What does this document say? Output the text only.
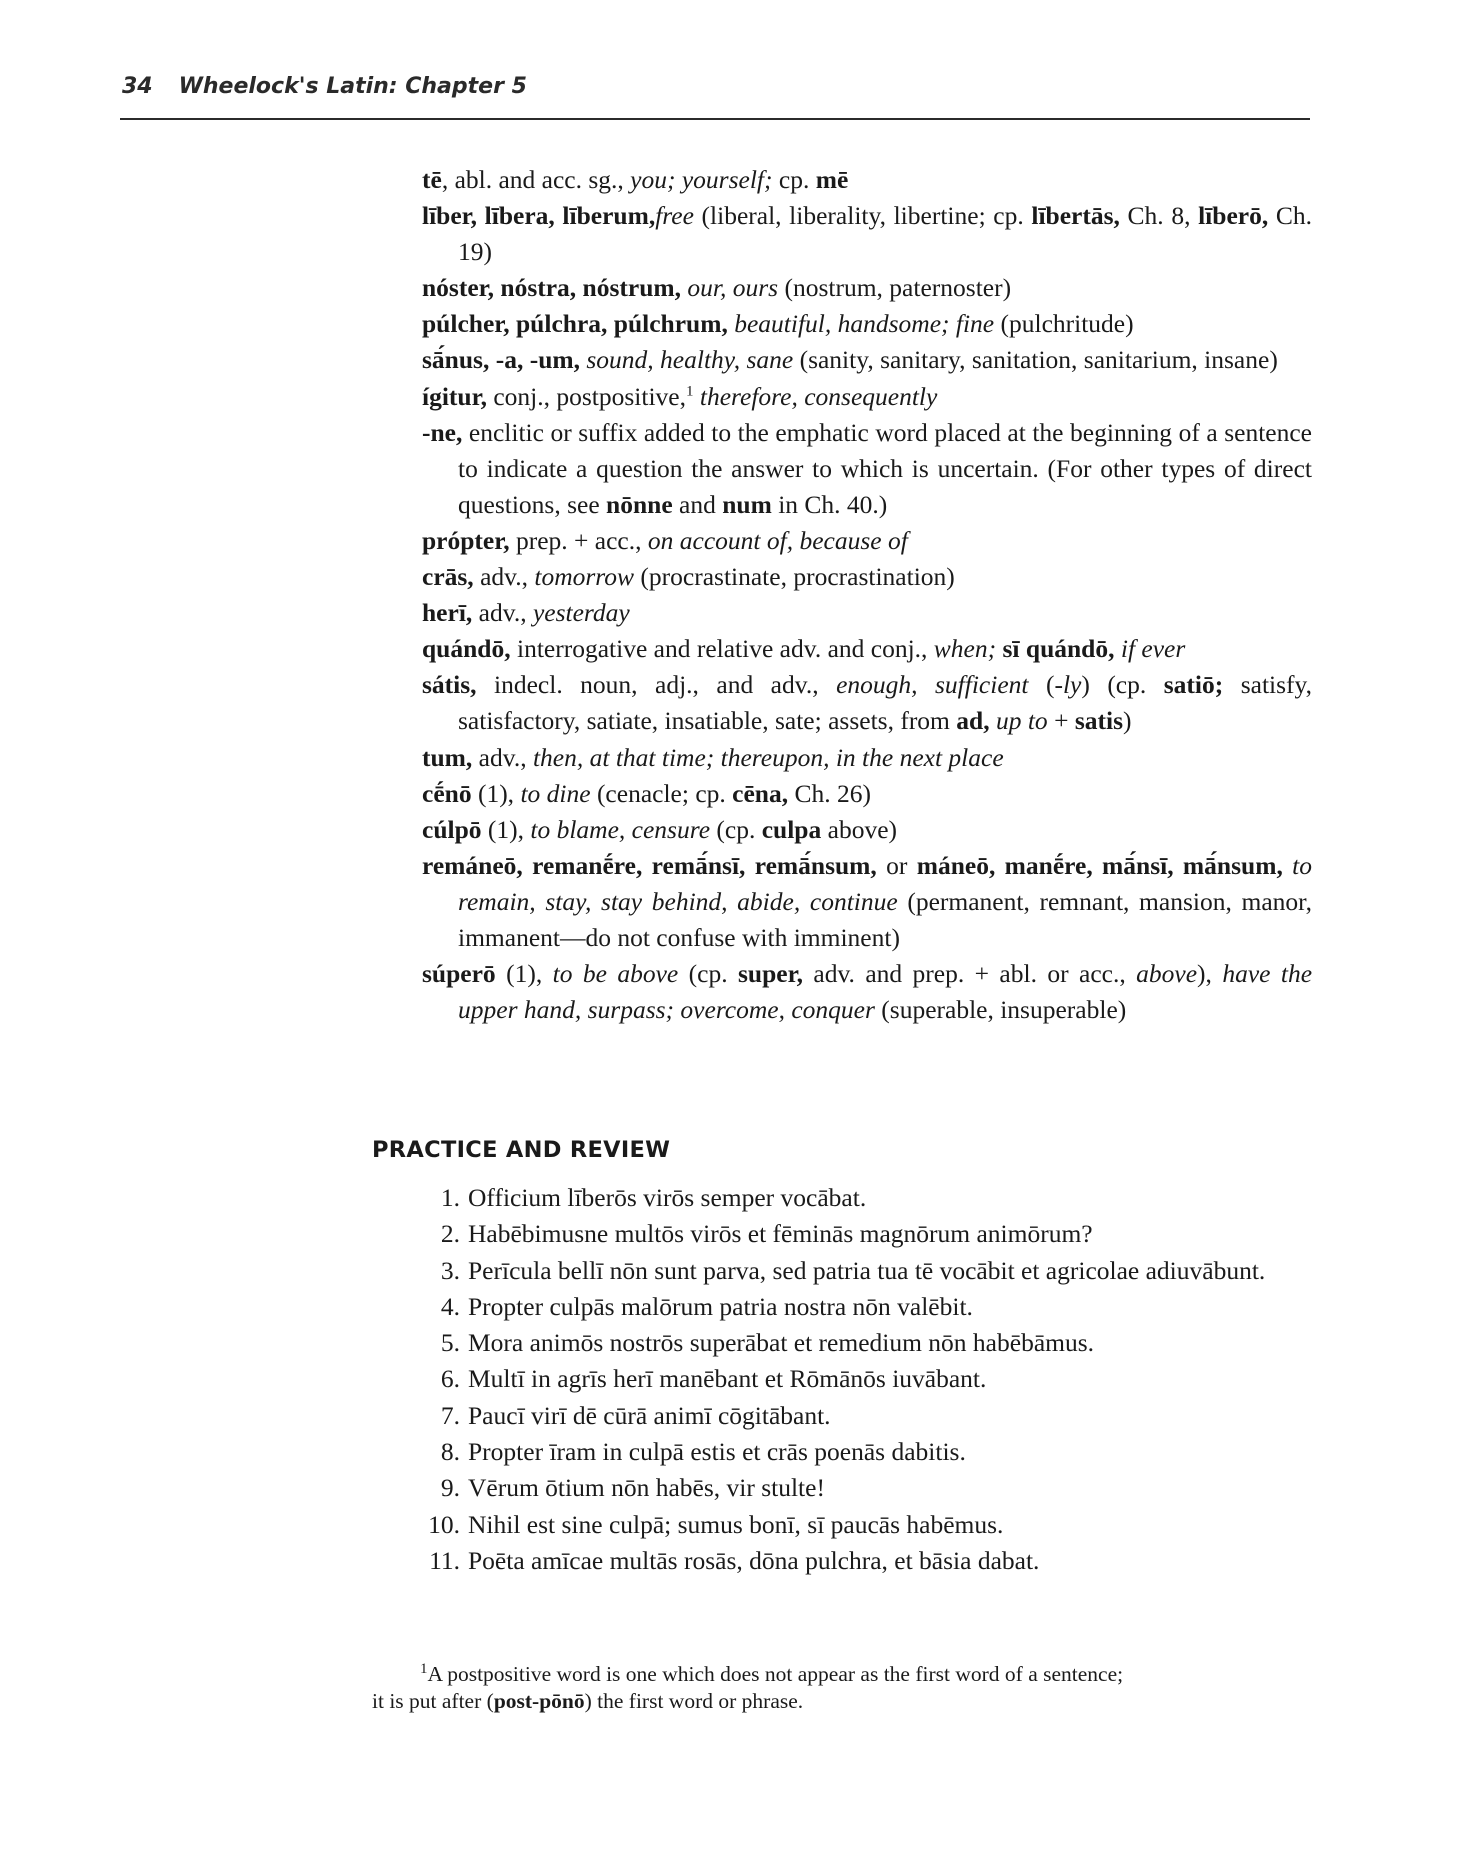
34 Wheelock's Latin: Chapter 5

tē, abl. and acc. sg., you; yourself; cp. mē

līber, lībera, līberum,free (liberal, liberality, libertine; cp. lībertās, Ch. 8, līberō, Ch. 19)

nóster, nóstra, nóstrum, our, ours (nostrum, paternoster)

púlcher, púlchra, púlchrum, beautiful, handsome; fine (pulchritude)

sā́nus, -a, -um, sound, healthy, sane (sanity, sanitary, sanitation, sanitarium, insane)

ígitur, conj., postpositive,$^1$ therefore, consequently

-ne, enclitic or suffix added to the emphatic word placed at the beginning of a sentence to indicate a question the answer to which is uncertain. (For other types of direct questions, see nōnne and num in Ch. 40.)

própter, prep. + acc., on account of, because of

crās, adv., tomorrow (procrastinate, procrastination)

herī, adv., yesterday

quándō, interrogative and relative adv. and conj., when; sī quándō, if ever

sátis, indecl. noun, adj., and adv., enough, sufficient (-ly) (cp. satiō; satisfy, satisfactory, satiate, insatiable, sate; assets, from ad, up to + satis)

tum, adv., then, at that time; thereupon, in the next place

cḗnō (1), to dine (cenacle; cp. cēna, Ch. 26)

cúlpō (1), to blame, censure (cp. culpa above)

remáneō, remanḗre, remā́nsī, remā́nsum, or máneō, manḗre, mā́nsī, mā́nsum, to remain, stay, stay behind, abide, continue (permanent, remnant, mansion, manor, immanent—do not confuse with imminent)

súperō (1), to be above (cp. super, adv. and prep. + abl. or acc., above), have the upper hand, surpass; overcome, conquer (superable, insuperable)

PRACTICE AND REVIEW
1. Officium līberōs virōs semper vocābat.
2. Habēbimusne multōs virōs et fēminās magnōrum animōrum?
3. Perīcula bellī nōn sunt parva, sed patria tua tē vocābit et agricolae adiuvābunt.
4. Propter culpās malōrum patria nostra nōn valēbit.
5. Mora animōs nostrōs superābat et remedium nōn habēbāmus.
6. Multī in agrīs herī manēbant et Rōmānōs iuvābant.
7. Paucī virī dē cūrā animī cōgitābant.
8. Propter īram in culpā estis et crās poenās dabitis.
9. Vērum ōtium nōn habēs, vir stulte!
10. Nihil est sine culpā; sumus bonī, sī paucās habēmus.
11. Poēta amīcae multās rosās, dōna pulchra, et bāsia dabat.

$^1$A postpositive word is one which does not appear as the first word of a sentence;

it is put after (post-pōnō) the first word or phrase.
